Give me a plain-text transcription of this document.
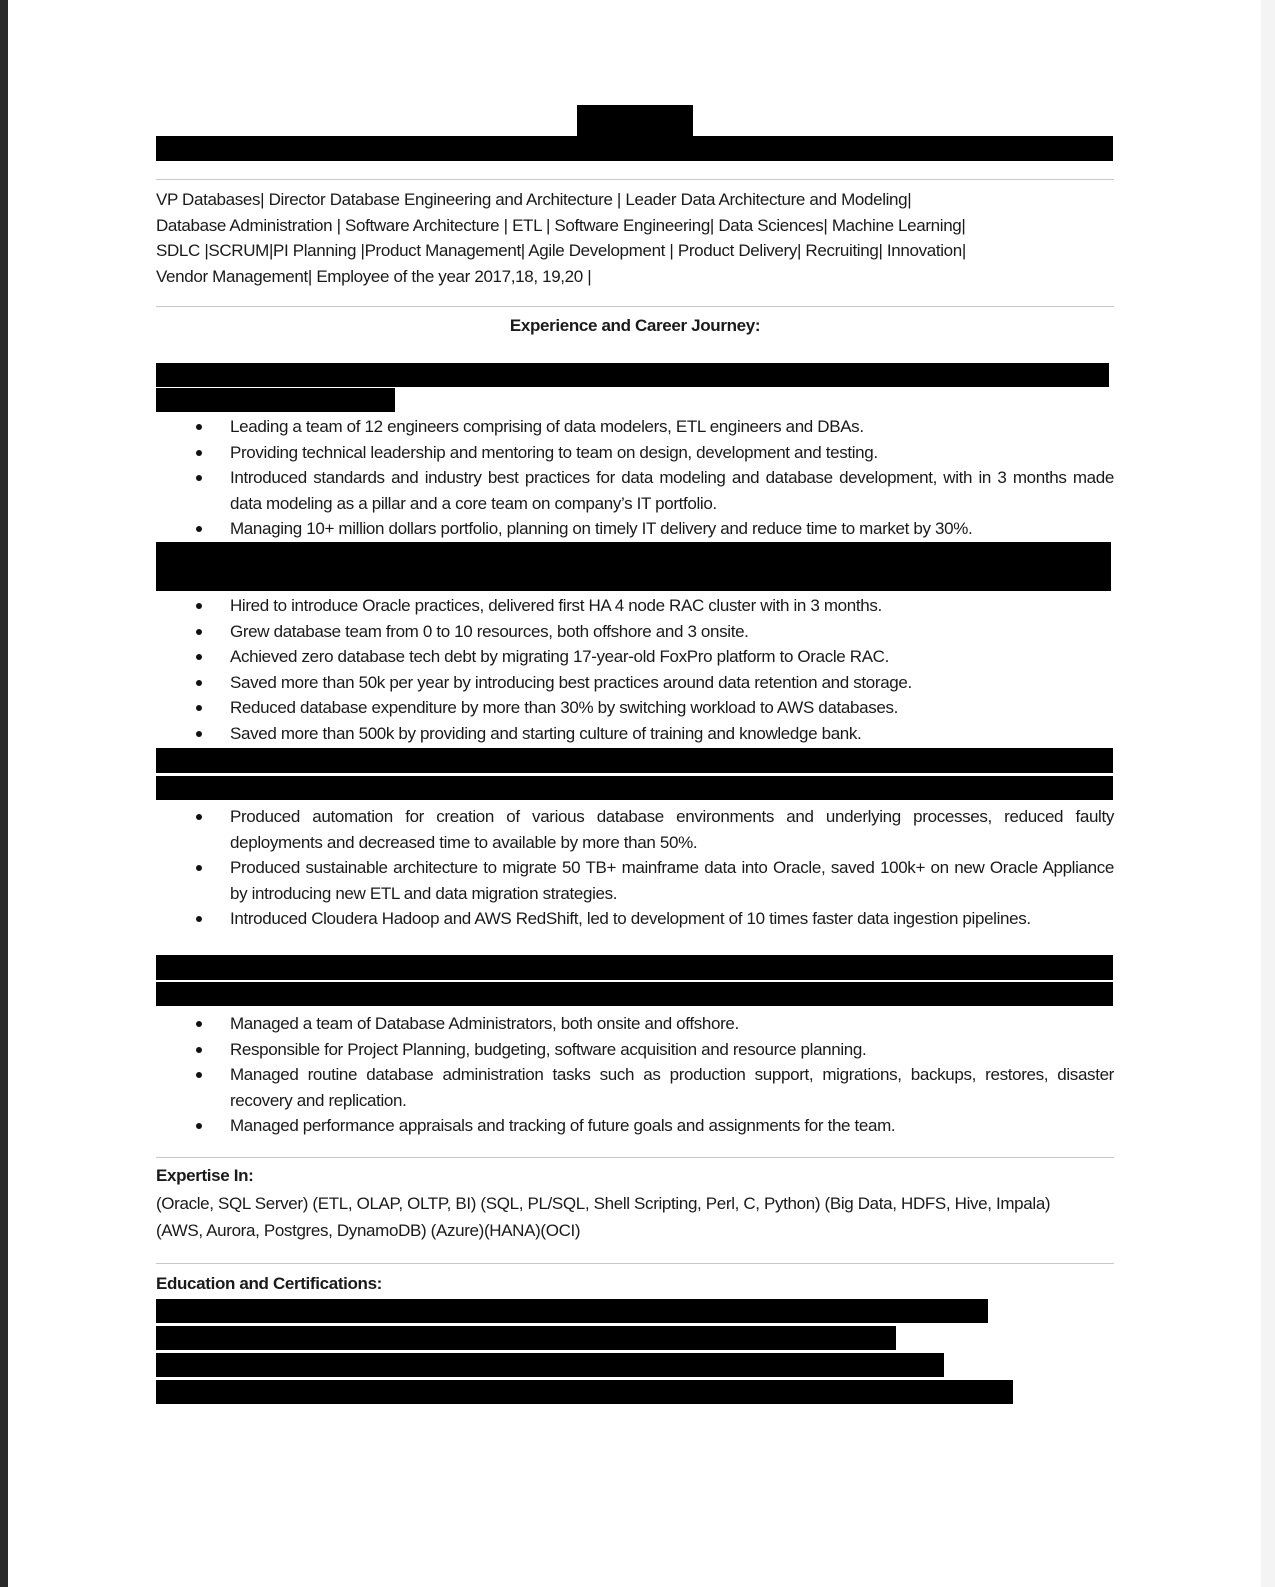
VP Databases| Director Database Engineering and Architecture | Leader Data Architecture and Modeling|
Database Administration | Software Architecture | ETL | Software Engineering| Data Sciences| Machine Learning|
SDLC |SCRUM|PI Planning |Product Management| Agile Development | Product Delivery| Recruiting| Innovation|
Vendor Management| Employee of the year 2017,18, 19,20 |
Experience and Career Journey:
Leading a team of 12 engineers comprising of data modelers, ETL engineers and DBAs.
Providing technical leadership and mentoring to team on design, development and testing.
Introduced standards and industry best practices for data modeling and database development, with in 3 months made data modeling as a pillar and a core team on company’s IT portfolio.
Managing 10+ million dollars portfolio, planning on timely IT delivery and reduce time to market by 30%.
Hired to introduce Oracle practices, delivered first HA 4 node RAC cluster with in 3 months.
Grew database team from 0 to 10 resources, both offshore and 3 onsite.
Achieved zero database tech debt by migrating 17-year-old FoxPro platform to Oracle RAC.
Saved more than 50k per year by introducing best practices around data retention and storage.
Reduced database expenditure by more than 30% by switching workload to AWS databases.
Saved more than 500k by providing and starting culture of training and knowledge bank.
Produced automation for creation of various database environments and underlying processes, reduced faulty deployments and decreased time to available by more than 50%.
Produced sustainable architecture to migrate 50 TB+ mainframe data into Oracle, saved 100k+ on new Oracle Appliance by introducing new ETL and data migration strategies.
Introduced Cloudera Hadoop and AWS RedShift, led to development of 10 times faster data ingestion pipelines.
Managed a team of Database Administrators, both onsite and offshore.
Responsible for Project Planning, budgeting, software acquisition and resource planning.
Managed routine database administration tasks such as production support, migrations, backups, restores, disaster recovery and replication.
Managed performance appraisals and tracking of future goals and assignments for the team.
Expertise In:
(Oracle, SQL Server) (ETL, OLAP, OLTP, BI) (SQL, PL/SQL, Shell Scripting, Perl, C, Python) (Big Data, HDFS, Hive, Impala)
(AWS, Aurora, Postgres, DynamoDB) (Azure)(HANA)(OCI)
Education and Certifications:
